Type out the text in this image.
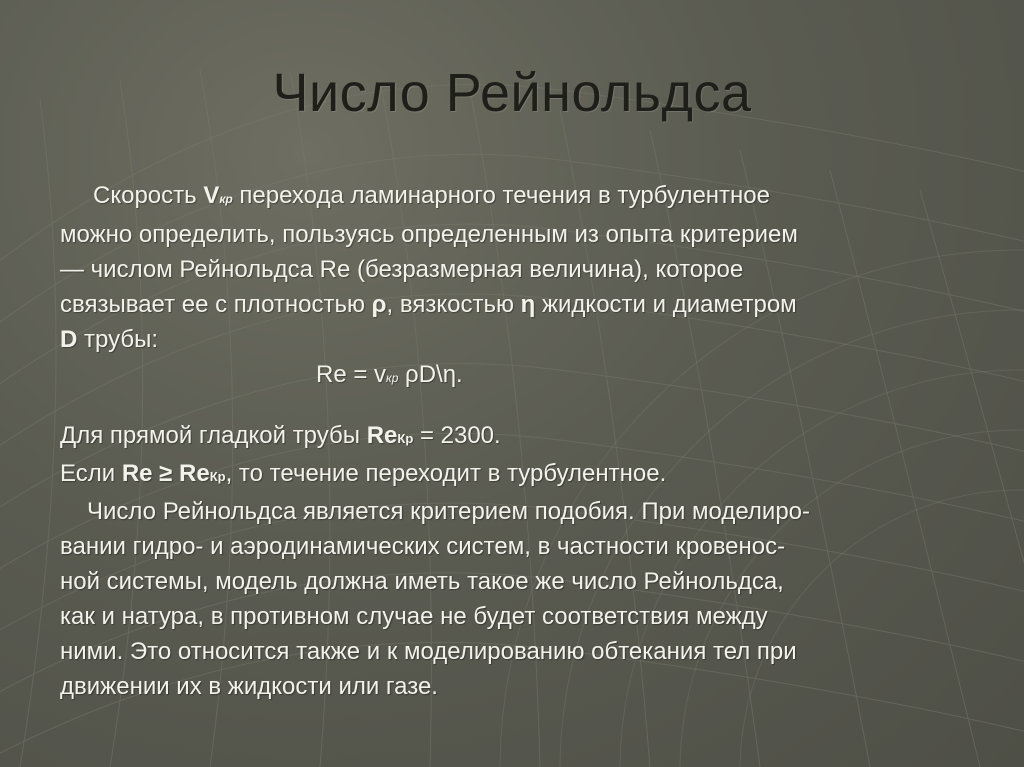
Число Рейнольдса
Скорость Vкр перехода ламинарного течения в турбулентное
можно определить, пользуясь определенным из опыта критерием
— числом Рейнольдса Re (безразмерная величина), которое
связывает ее с плотностью ρ, вязкостью η жидкости и диаметром
D трубы:
Re = vкр ρD\η.
Для прямой гладкой трубы ReКр = 2300.
Если Re ≥ ReКр, то течение переходит в турбулентное.
Число Рейнольдса является критерием подобия. При моделиро-
вании гидро- и аэродинамических систем, в частности кровенос-
ной системы, модель должна иметь такое же число Рейнольдса,
как и натура, в противном случае не будет соответствия между
ними. Это относится также и к моделированию обтекания тел при
движении их в жидкости или газе.
